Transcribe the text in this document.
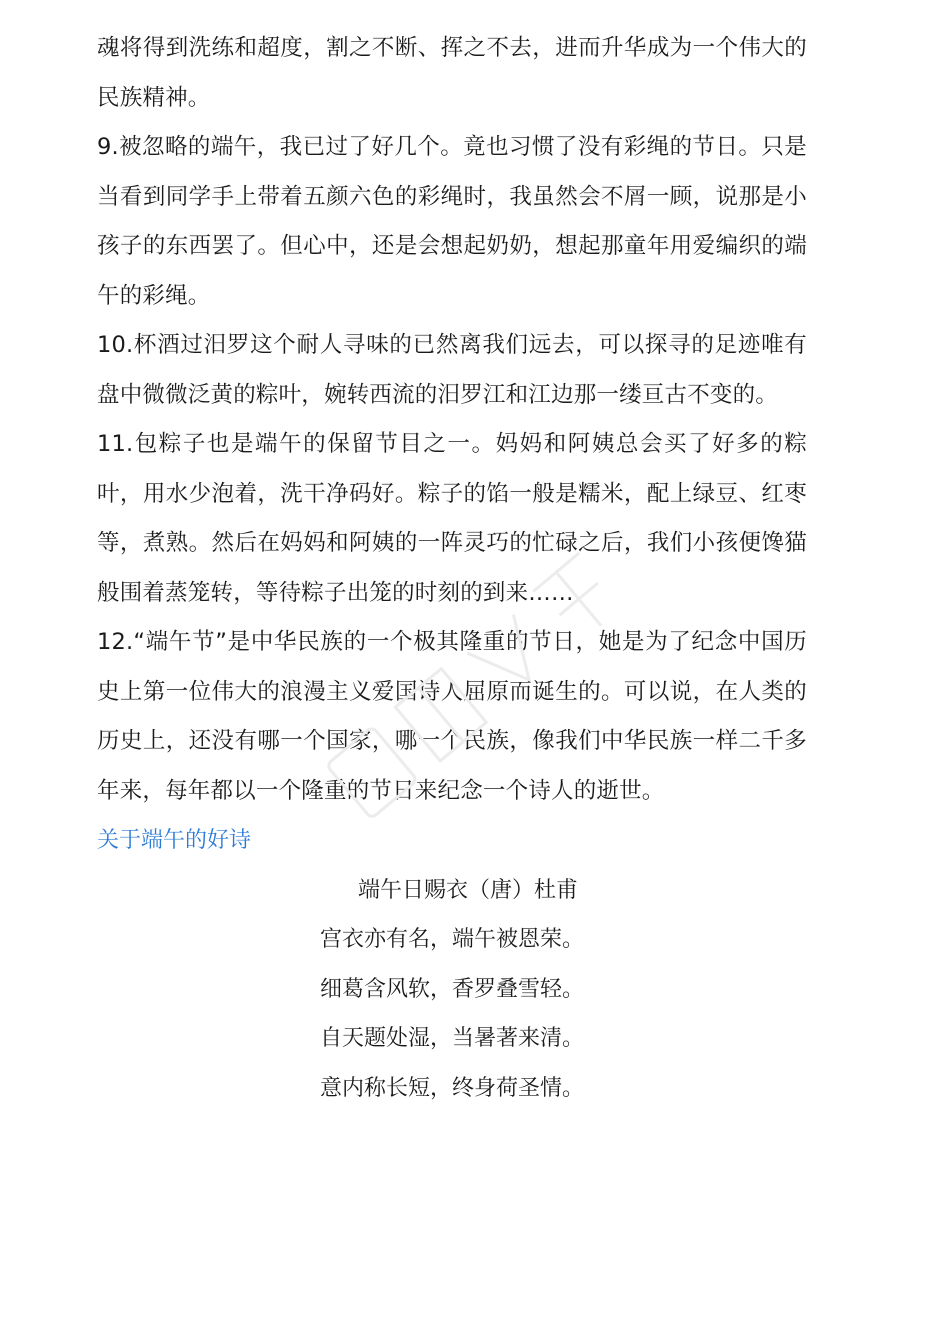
魂将得到洗练和超度，割之不断、挥之不去，进而升华成为一个伟大的民族精神。

9.被忽略的端午，我已过了好几个。竟也习惯了没有彩绳的节日。只是当看到同学手上带着五颜六色的彩绳时，我虽然会不屑一顾，说那是小孩子的东西罢了。但心中，还是会想起奶奶，想起那童年用爱编织的端午的彩绳。

10.杯酒过汨罗这个耐人寻味的已然离我们远去，可以探寻的足迹唯有盘中微微泛黄的粽叶，婉转西流的汨罗江和江边那一缕亘古不变的。

11.包粽子也是端午的保留节目之一。妈妈和阿姨总会买了好多的粽叶，用水少泡着，洗干净码好。粽子的馅一般是糯米，配上绿豆、红枣等，煮熟。然后在妈妈和阿姨的一阵灵巧的忙碌之后，我们小孩便馋猫般围着蒸笼转，等待粽子出笼的时刻的到来……

12.“端午节”是中华民族的一个极其隆重的节日，她是为了纪念中国历史上第一位伟大的浪漫主义爱国诗人屈原而诞生的。可以说，在人类的历史上，还没有哪一个国家，哪一个民族，像我们中华民族一样二千多年来，每年都以一个隆重的节日来纪念一个诗人的逝世。

关于端午的好诗

端午日赐衣（唐）杜甫

宫衣亦有名，端午被恩荣。

细葛含风软，香罗叠雪轻。

自天题处湿，当暑著来清。

意内称长短，终身荷圣情。
